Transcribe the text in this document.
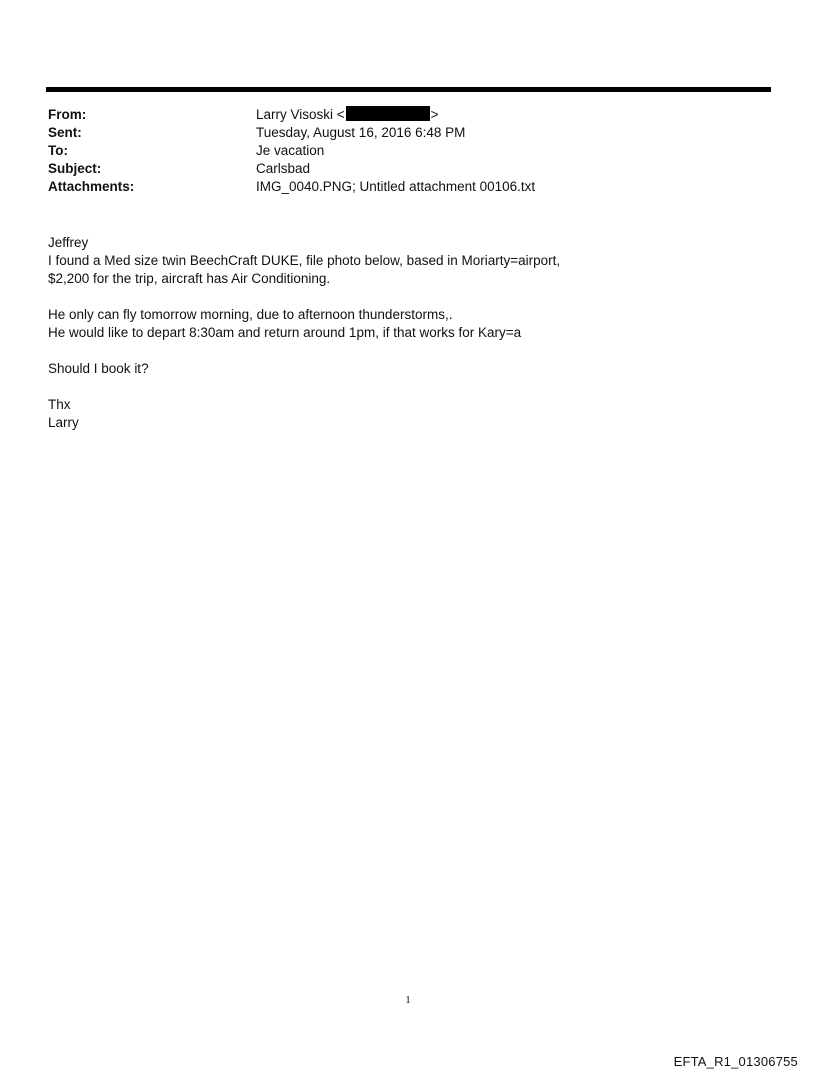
From:	Larry Visoski <	>
Sent:	Tuesday, August 16, 2016 6:48 PM
To:	Je vacation
Subject:	Carlsbad
Attachments:	IMG_0040.PNG; Untitled attachment 00106.txt

Jeffrey
I found a Med size twin BeechCraft DUKE, file photo below, based in Moriarty=airport,
$2,200 for the trip, aircraft has Air Conditioning.

He only can fly tomorrow morning, due to afternoon thunderstorms,.
He would like to depart 8:30am and return around 1pm, if that works for Kary=a

Should I book it?

Thx
Larry

1
EFTA_R1_01306755
